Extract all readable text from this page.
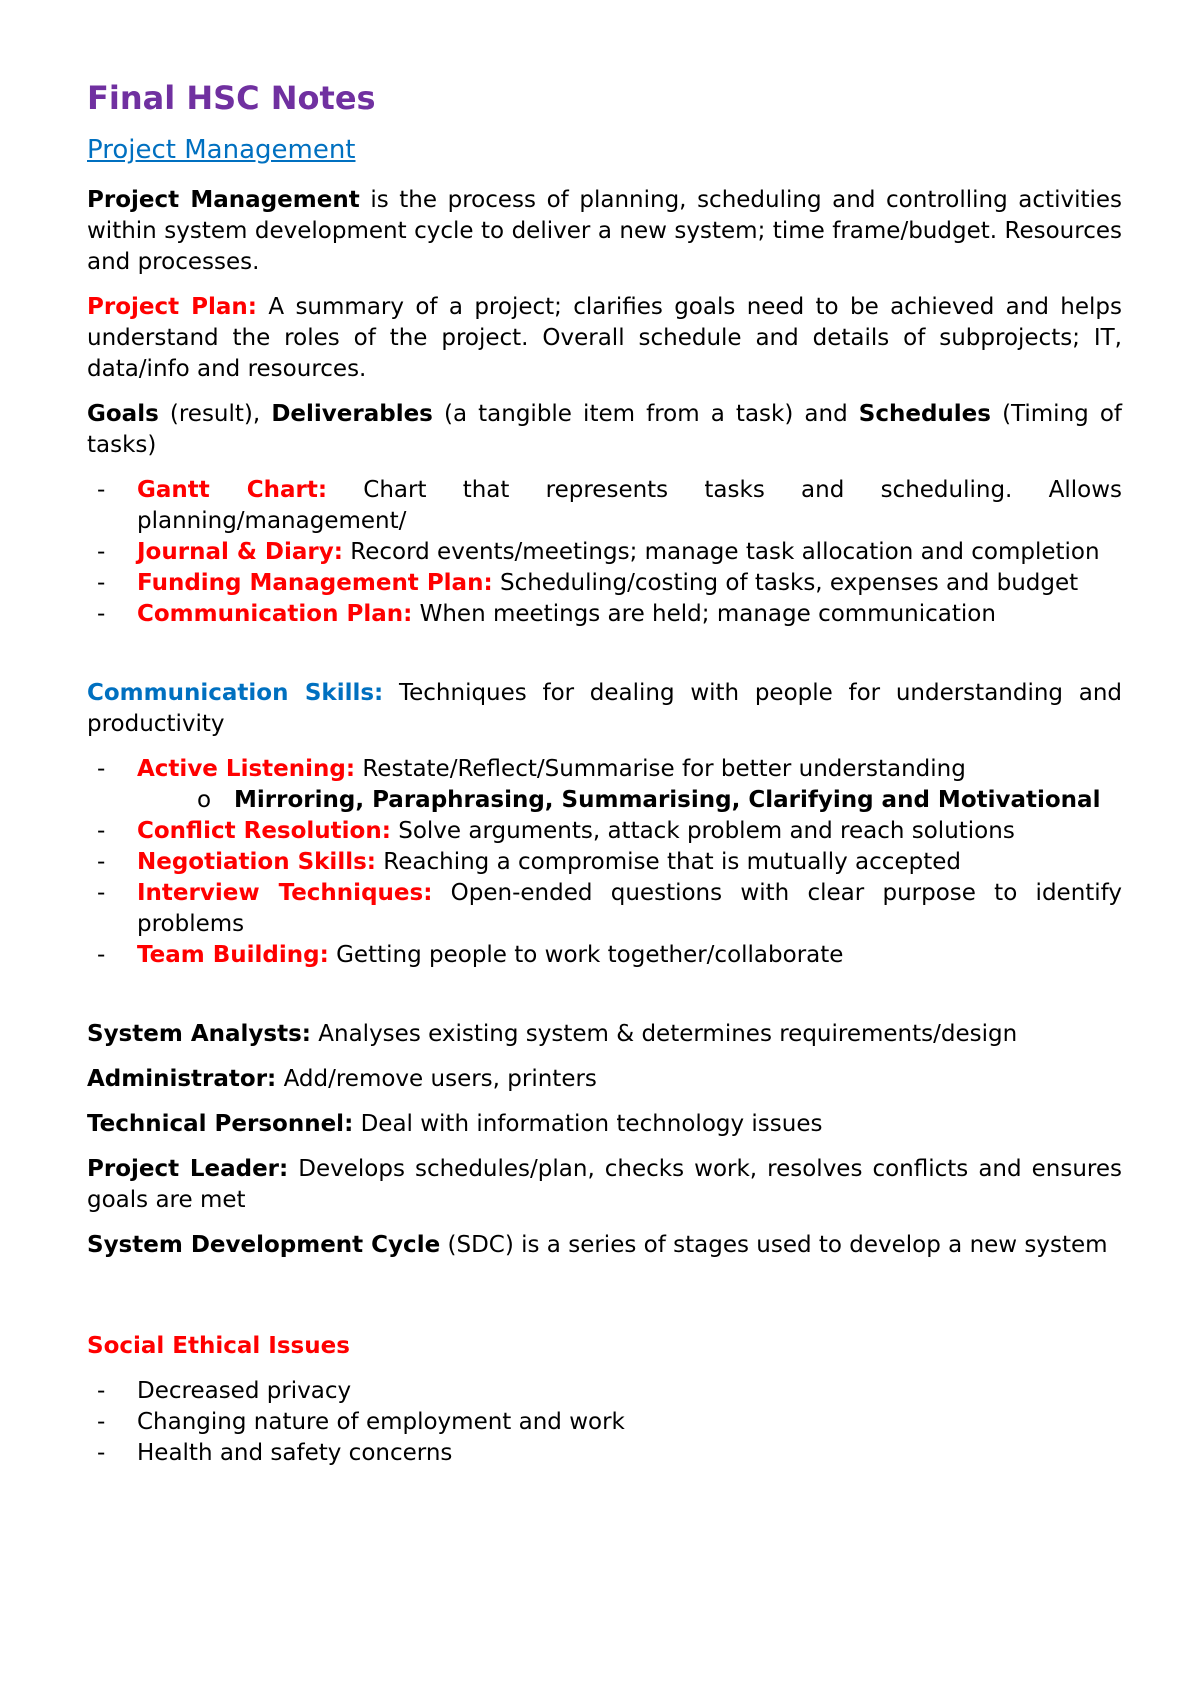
Final HSC Notes
Project Management

Project Management is the process of planning, scheduling and controlling activities within system development cycle to deliver a new system; time frame/budget. Resources and processes.

Project Plan: A summary of a project; clarifies goals need to be achieved and helps understand the roles of the project. Overall schedule and details of subprojects; IT, data/info and resources.

Goals (result), Deliverables (a tangible item from a task) and Schedules (Timing of tasks)

- Gantt Chart: Chart that represents tasks and scheduling. Allows planning/management/
- Journal & Diary: Record events/meetings; manage task allocation and completion
- Funding Management Plan: Scheduling/costing of tasks, expenses and budget
- Communication Plan: When meetings are held; manage communication

Communication Skills: Techniques for dealing with people for understanding and productivity

- Active Listening: Restate/Reflect/Summarise for better understanding
o Mirroring, Paraphrasing, Summarising, Clarifying and Motivational
- Conflict Resolution: Solve arguments, attack problem and reach solutions
- Negotiation Skills: Reaching a compromise that is mutually accepted
- Interview Techniques: Open-ended questions with clear purpose to identify problems
- Team Building: Getting people to work together/collaborate

System Analysts: Analyses existing system & determines requirements/design

Administrator: Add/remove users, printers

Technical Personnel: Deal with information technology issues

Project Leader: Develops schedules/plan, checks work, resolves conflicts and ensures goals are met

System Development Cycle (SDC) is a series of stages used to develop a new system

Social Ethical Issues
- Decreased privacy
- Changing nature of employment and work
- Health and safety concerns
